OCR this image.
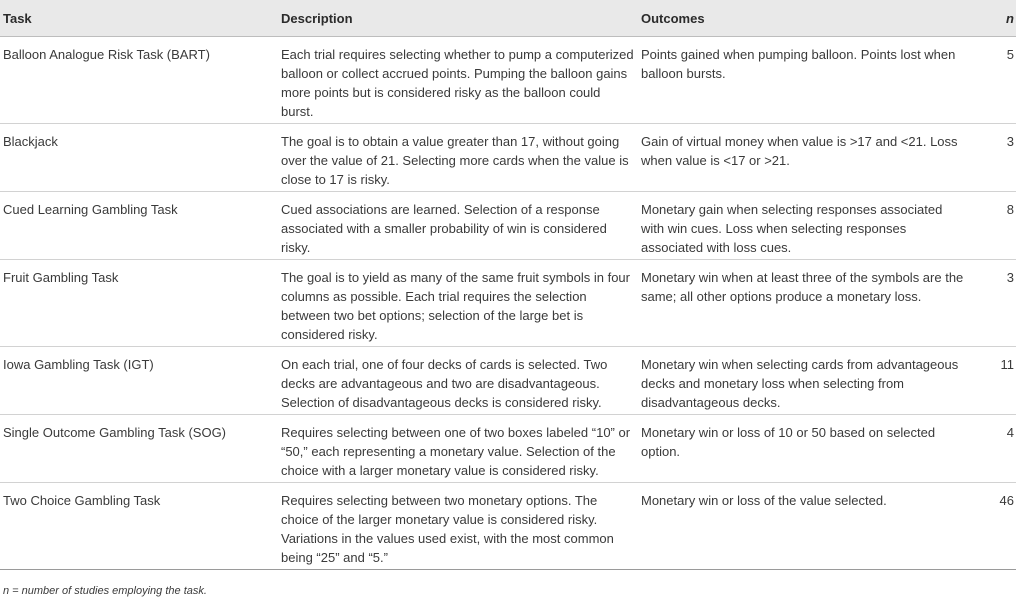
Task	Description	Outcomes	n
Balloon Analogue Risk Task (BART)	Each trial requires selecting whether to pump a computerized balloon or collect accrued points. Pumping the balloon gains more points but is considered risky as the balloon could burst.	Points gained when pumping balloon. Points lost when balloon bursts.	5
Blackjack	The goal is to obtain a value greater than 17, without going over the value of 21. Selecting more cards when the value is close to 17 is risky.	Gain of virtual money when value is >17 and <21. Loss when value is <17 or >21.	3
Cued Learning Gambling Task	Cued associations are learned. Selection of a response associated with a smaller probability of win is considered risky.	Monetary gain when selecting responses associated with win cues. Loss when selecting responses associated with loss cues.	8
Fruit Gambling Task	The goal is to yield as many of the same fruit symbols in four columns as possible. Each trial requires the selection between two bet options; selection of the large bet is considered risky.	Monetary win when at least three of the symbols are the same; all other options produce a monetary loss.	3
Iowa Gambling Task (IGT)	On each trial, one of four decks of cards is selected. Two decks are advantageous and two are disadvantageous. Selection of disadvantageous decks is considered risky.	Monetary win when selecting cards from advantageous decks and monetary loss when selecting from disadvantageous decks.	11
Single Outcome Gambling Task (SOG)	Requires selecting between one of two boxes labeled “10” or “50,” each representing a monetary value. Selection of the choice with a larger monetary value is considered risky.	Monetary win or loss of 10 or 50 based on selected option.	4
Two Choice Gambling Task	Requires selecting between two monetary options. The choice of the larger monetary value is considered risky. Variations in the values used exist, with the most common being “25” and “5.”	Monetary win or loss of the value selected.	46
n = number of studies employing the task.
